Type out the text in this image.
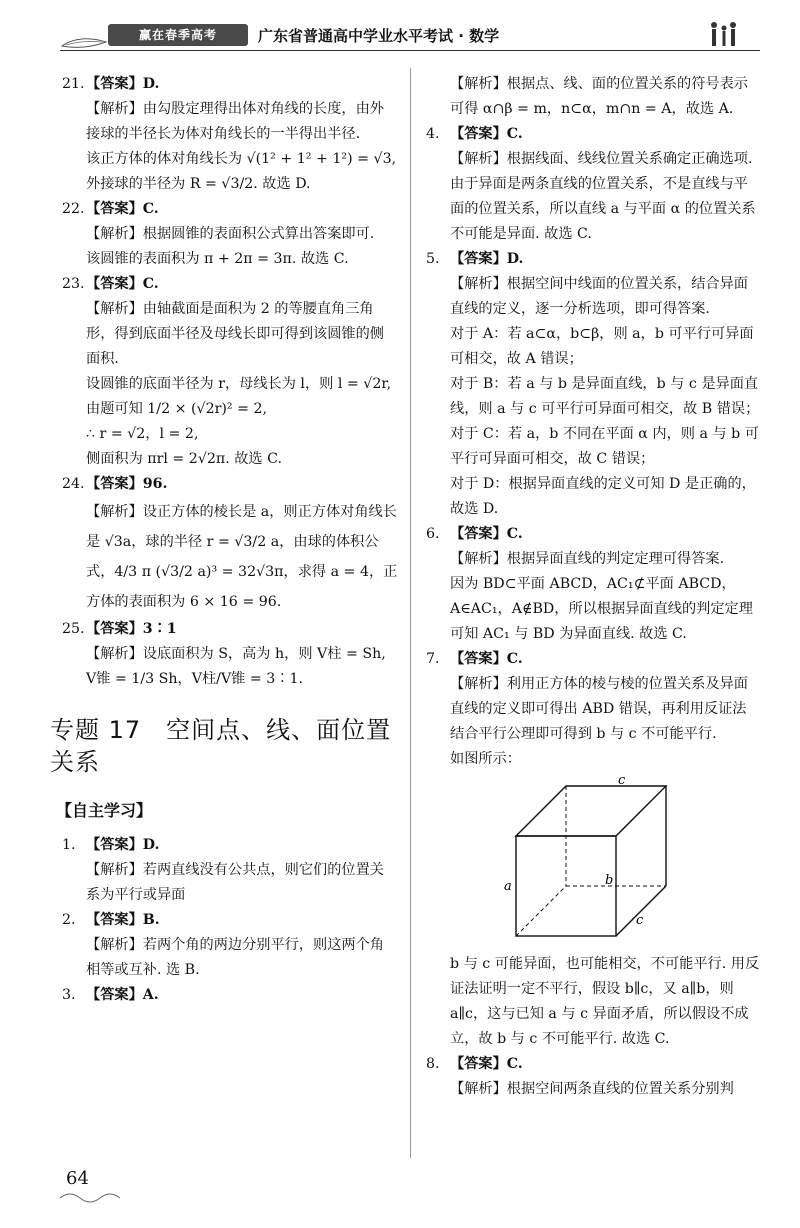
赢在春季高考	广东省普通高中学业水平考试 · 数学
21.【答案】D.
【解析】由勾股定理得出体对角线的长度，由外接球的半径长为体对角线长的一半得出半径.
该正方体的体对角线长为 √(1² + 1² + 1²) = √3,
外接球的半径为 R = √3/2. 故选 D.
22.【答案】C.
【解析】根据圆锥的表面积公式算出答案即可.
该圆锥的表面积为 π + 2π = 3π. 故选 C.
23.【答案】C.
【解析】由轴截面是面积为 2 的等腰直角三角形，得到底面半径及母线长即可得到该圆锥的侧面积.
设圆锥的底面半径为 r，母线长为 l，则 l = √2r,
由题可知 1/2 × (√2r)² = 2,
∴ r = √2，l = 2,
侧面积为 πrl = 2√2π. 故选 C.
24.【答案】96.
【解析】设正方体的棱长是 a，则正方体对角线长是 √3a，球的半径 r = √3/2 a，由球的体积公式，4/3 π (√3/2 a)³ = 32√3π，求得 a = 4，正方体的表面积为 6 × 16 = 96.
25.【答案】3∶1
【解析】设底面积为 S，高为 h，则 V柱 = Sh,
V锥 = 1/3 Sh，V柱/V锥 = 3∶1.
专题 17　空间点、线、面位置关系
【自主学习】
1. 【答案】D.
【解析】若两直线没有公共点，则它们的位置关系为平行或异面
2. 【答案】B.
【解析】若两个角的两边分别平行，则这两个角相等或互补. 选 B.
3. 【答案】A.
【解析】根据点、线、面的位置关系的符号表示可得 α∩β = m，n⊂α，m∩n = A，故选 A.
4. 【答案】C.
【解析】根据线面、线线位置关系确定正确选项.
由于异面是两条直线的位置关系，不是直线与平面的位置关系，所以直线 a 与平面 α 的位置关系不可能是异面. 故选 C.
5. 【答案】D.
【解析】根据空间中线面的位置关系，结合异面直线的定义，逐一分析选项，即可得答案.
对于 A：若 a⊂α，b⊂β，则 a，b 可平行可异面可相交，故 A 错误；
对于 B：若 a 与 b 是异面直线，b 与 c 是异面直线，则 a 与 c 可平行可异面可相交，故 B 错误；
对于 C：若 a，b 不同在平面 α 内，则 a 与 b 可平行可异面可相交，故 C 错误；
对于 D：根据异面直线的定义可知 D 是正确的，故选 D.
6. 【答案】C.
【解析】根据异面直线的判定定理可得答案.
因为 BD⊂平面 ABCD，AC₁⊄平面 ABCD，A∈AC₁，A∉BD，所以根据异面直线的判定定理可知 AC₁ 与 BD 为异面直线. 故选 C.
7. 【答案】C.
【解析】利用正方体的棱与棱的位置关系及异面直线的定义即可得出 ABD 错误，再利用反证法结合平行公理即可得到 b 与 c 不可能平行.
如图所示：
c
a	b
c
b 与 c 可能异面，也可能相交，不可能平行. 用反证法证明一定不平行，假设 b∥c，又 a∥b，则 a∥c，这与已知 a 与 c 异面矛盾，所以假设不成立，故 b 与 c 不可能平行. 故选 C.
8. 【答案】C.
【解析】根据空间两条直线的位置关系分别判
64
